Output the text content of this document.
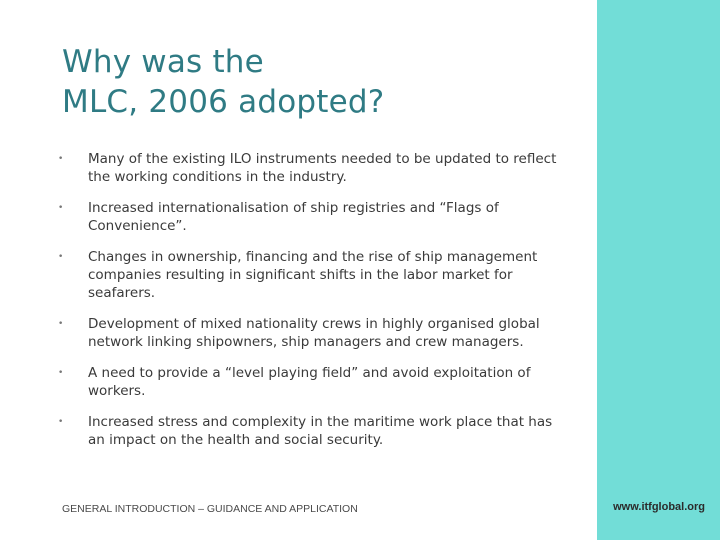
Why was the
MLC, 2006 adopted?
• Many of the existing ILO instruments needed to be updated to reflect the working conditions in the industry.
• Increased internationalisation of ship registries and “Flags of Convenience”.
• Changes in ownership, financing and the rise of ship management companies resulting in significant shifts in the labor market for seafarers.
• Development of mixed nationality crews in highly organised global network linking shipowners, ship managers and crew managers.
• A need to provide a “level playing field” and avoid exploitation of workers.
• Increased stress and complexity in the maritime work place that has an impact on the health and social security.
GENERAL INTRODUCTION – GUIDANCE AND APPLICATION	www.itfglobal.org
